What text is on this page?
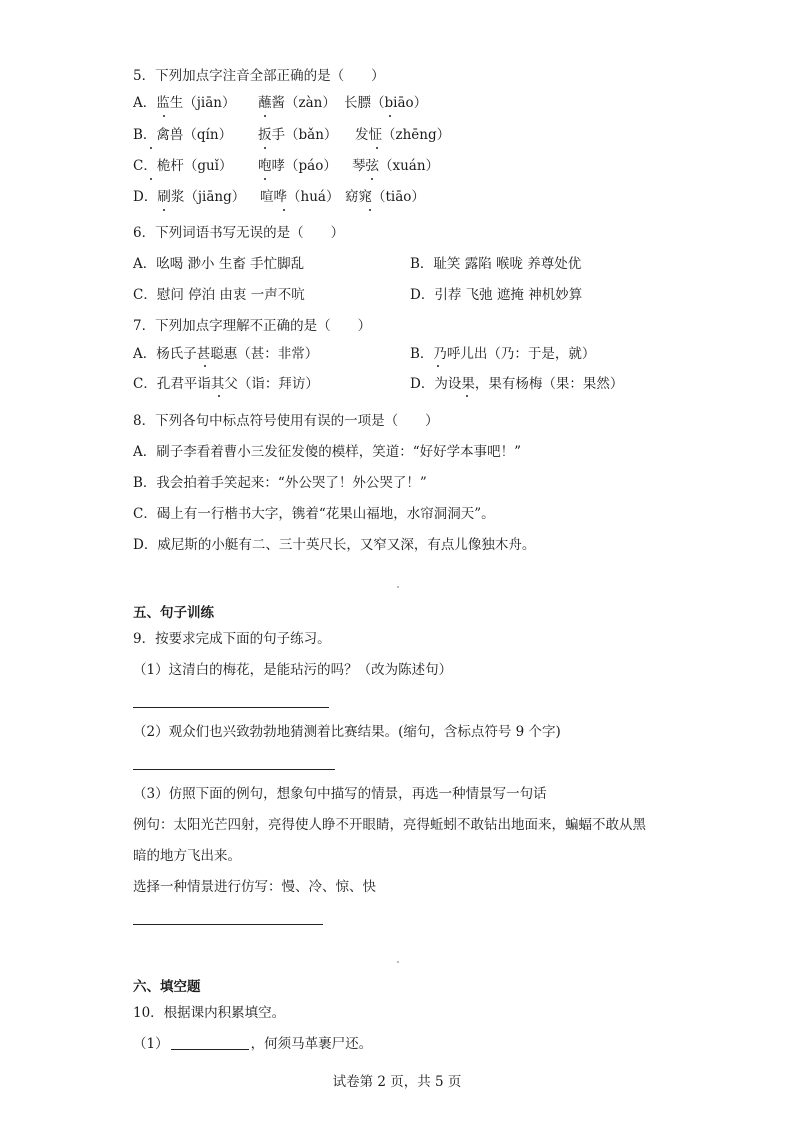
5．下列加点字注音全部正确的是（　　）
A．监生（jiān） 蘸酱（zàn） 长膘（biāo）
B．禽兽（qín） 扳手（bǎn） 发怔（zhēng）
C．桅杆（guǐ） 咆哮（páo） 琴弦（xuán）
D．刷浆（jiāng） 喧哗（huá） 窈窕（tiāo）
6．下列词语书写无误的是（　　）
A．吆喝 渺小 生畜 手忙脚乱	B．耻笑 露陷 喉咙 养尊处优
C．慰问 停泊 由衷 一声不吭	D．引荐 飞弛 遮掩 神机妙算
7．下列加点字理解不正确的是（　　）
A．杨氏子甚聪惠（甚：非常）	B．乃呼儿出（乃：于是，就）
C．孔君平诣其父（诣：拜访）	D．为设果，果有杨梅（果：果然）
8．下列各句中标点符号使用有误的一项是（　　）
A．刷子李看着曹小三发征发傻的模样，笑道：“好好学本事吧！”
B．我会拍着手笑起来：“外公哭了！外公哭了！”
C．碣上有一行楷书大字，镌着“花果山福地，水帘洞洞天”。
D．威尼斯的小艇有二、三十英尺长，又窄又深，有点儿像独木舟。
五、句子训练
9．按要求完成下面的句子练习。
（1）这清白的梅花，是能玷污的吗？（改为陈述句）
（2）观众们也兴致勃勃地猜测着比赛结果。(缩句，含标点符号 9 个字)
（3）仿照下面的例句，想象句中描写的情景，再选一种情景写一句话
例句：太阳光芒四射，亮得使人睁不开眼睛，亮得蚯蚓不敢钻出地面来，蝙蝠不敢从黑
暗的地方飞出来。
选择一种情景进行仿写：慢、冷、惊、快
六、填空题
10．根据课内积累填空。
（1）	，何须马革裹尸还。
试卷第 2 页，共 5 页
